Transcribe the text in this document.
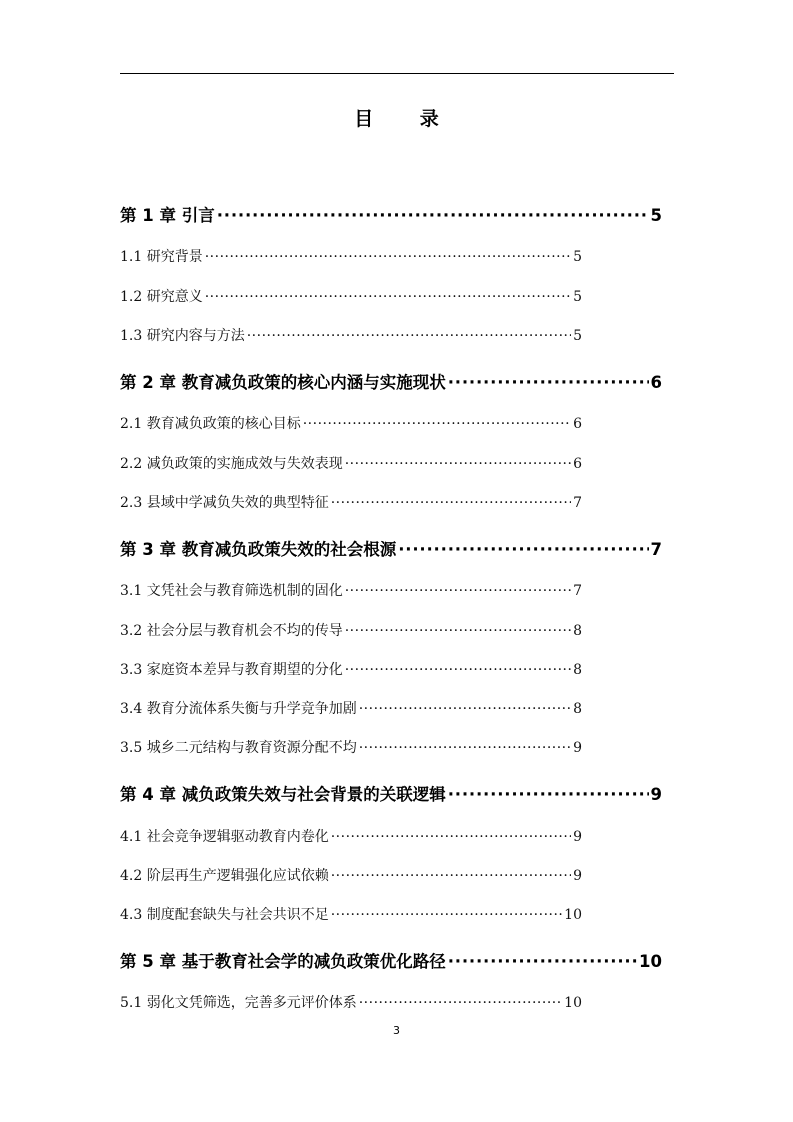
目 录
第 1 章 引言 ·····	5
1.1 研究背景 ·····	5
1.2 研究意义 ·····	5
1.3 研究内容与方法 ·····	5
第 2 章 教育减负政策的核心内涵与实施现状 ·····	6
2.1 教育减负政策的核心目标 ·····	6
2.2 减负政策的实施成效与失效表现 ·····	6
2.3 县域中学减负失效的典型特征 ·····	7
第 3 章 教育减负政策失效的社会根源 ·····	7
3.1 文凭社会与教育筛选机制的固化 ·····	7
3.2 社会分层与教育机会不均的传导 ·····	8
3.3 家庭资本差异与教育期望的分化 ·····	8
3.4 教育分流体系失衡与升学竞争加剧 ·····	8
3.5 城乡二元结构与教育资源分配不均 ·····	9
第 4 章 减负政策失效与社会背景的关联逻辑 ·····	9
4.1 社会竞争逻辑驱动教育内卷化 ·····	9
4.2 阶层再生产逻辑强化应试依赖 ·····	9
4.3 制度配套缺失与社会共识不足 ·····	10
第 5 章 基于教育社会学的减负政策优化路径 ·····	10
5.1 弱化文凭筛选，完善多元评价体系 ·····	10
3
